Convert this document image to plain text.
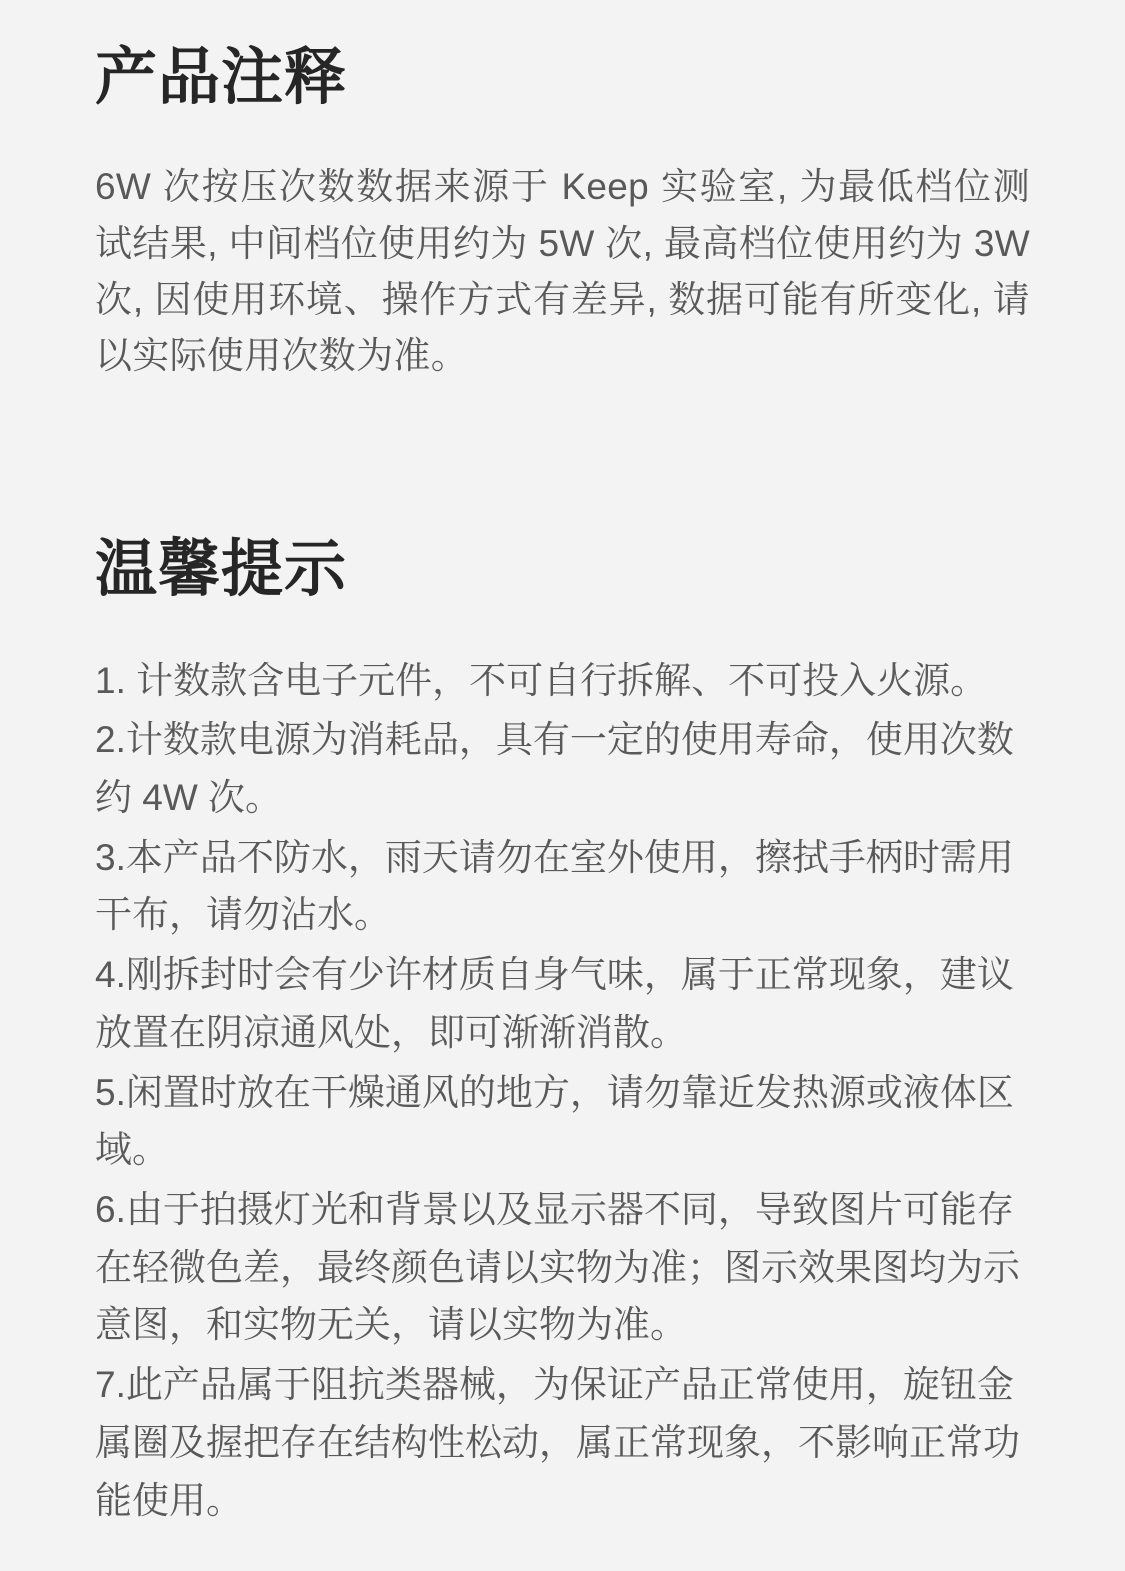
产品注释

6W 次按压次数数据来源于 Keep 实验室, 为最低档位测试结果, 中间档位使用约为 5W 次, 最高档位使用约为 3W 次, 因使用环境、操作方式有差异, 数据可能有所变化, 请以实际使用次数为准。

温馨提示
1. 计数款含电子元件，不可自行拆解、不可投入火源。
2.计数款电源为消耗品，具有一定的使用寿命，使用次数约 4W 次。
3.本产品不防水，雨天请勿在室外使用，擦拭手柄时需用干布，请勿沾水。
4.刚拆封时会有少许材质自身气味，属于正常现象，建议放置在阴凉通风处，即可渐渐消散。
5.闲置时放在干燥通风的地方，请勿靠近发热源或液体区域。
6.由于拍摄灯光和背景以及显示器不同，导致图片可能存在轻微色差，最终颜色请以实物为准；图示效果图均为示意图，和实物无关，请以实物为准。
7.此产品属于阻抗类器械，为保证产品正常使用，旋钮金属圈及握把存在结构性松动，属正常现象，不影响正常功能使用。
